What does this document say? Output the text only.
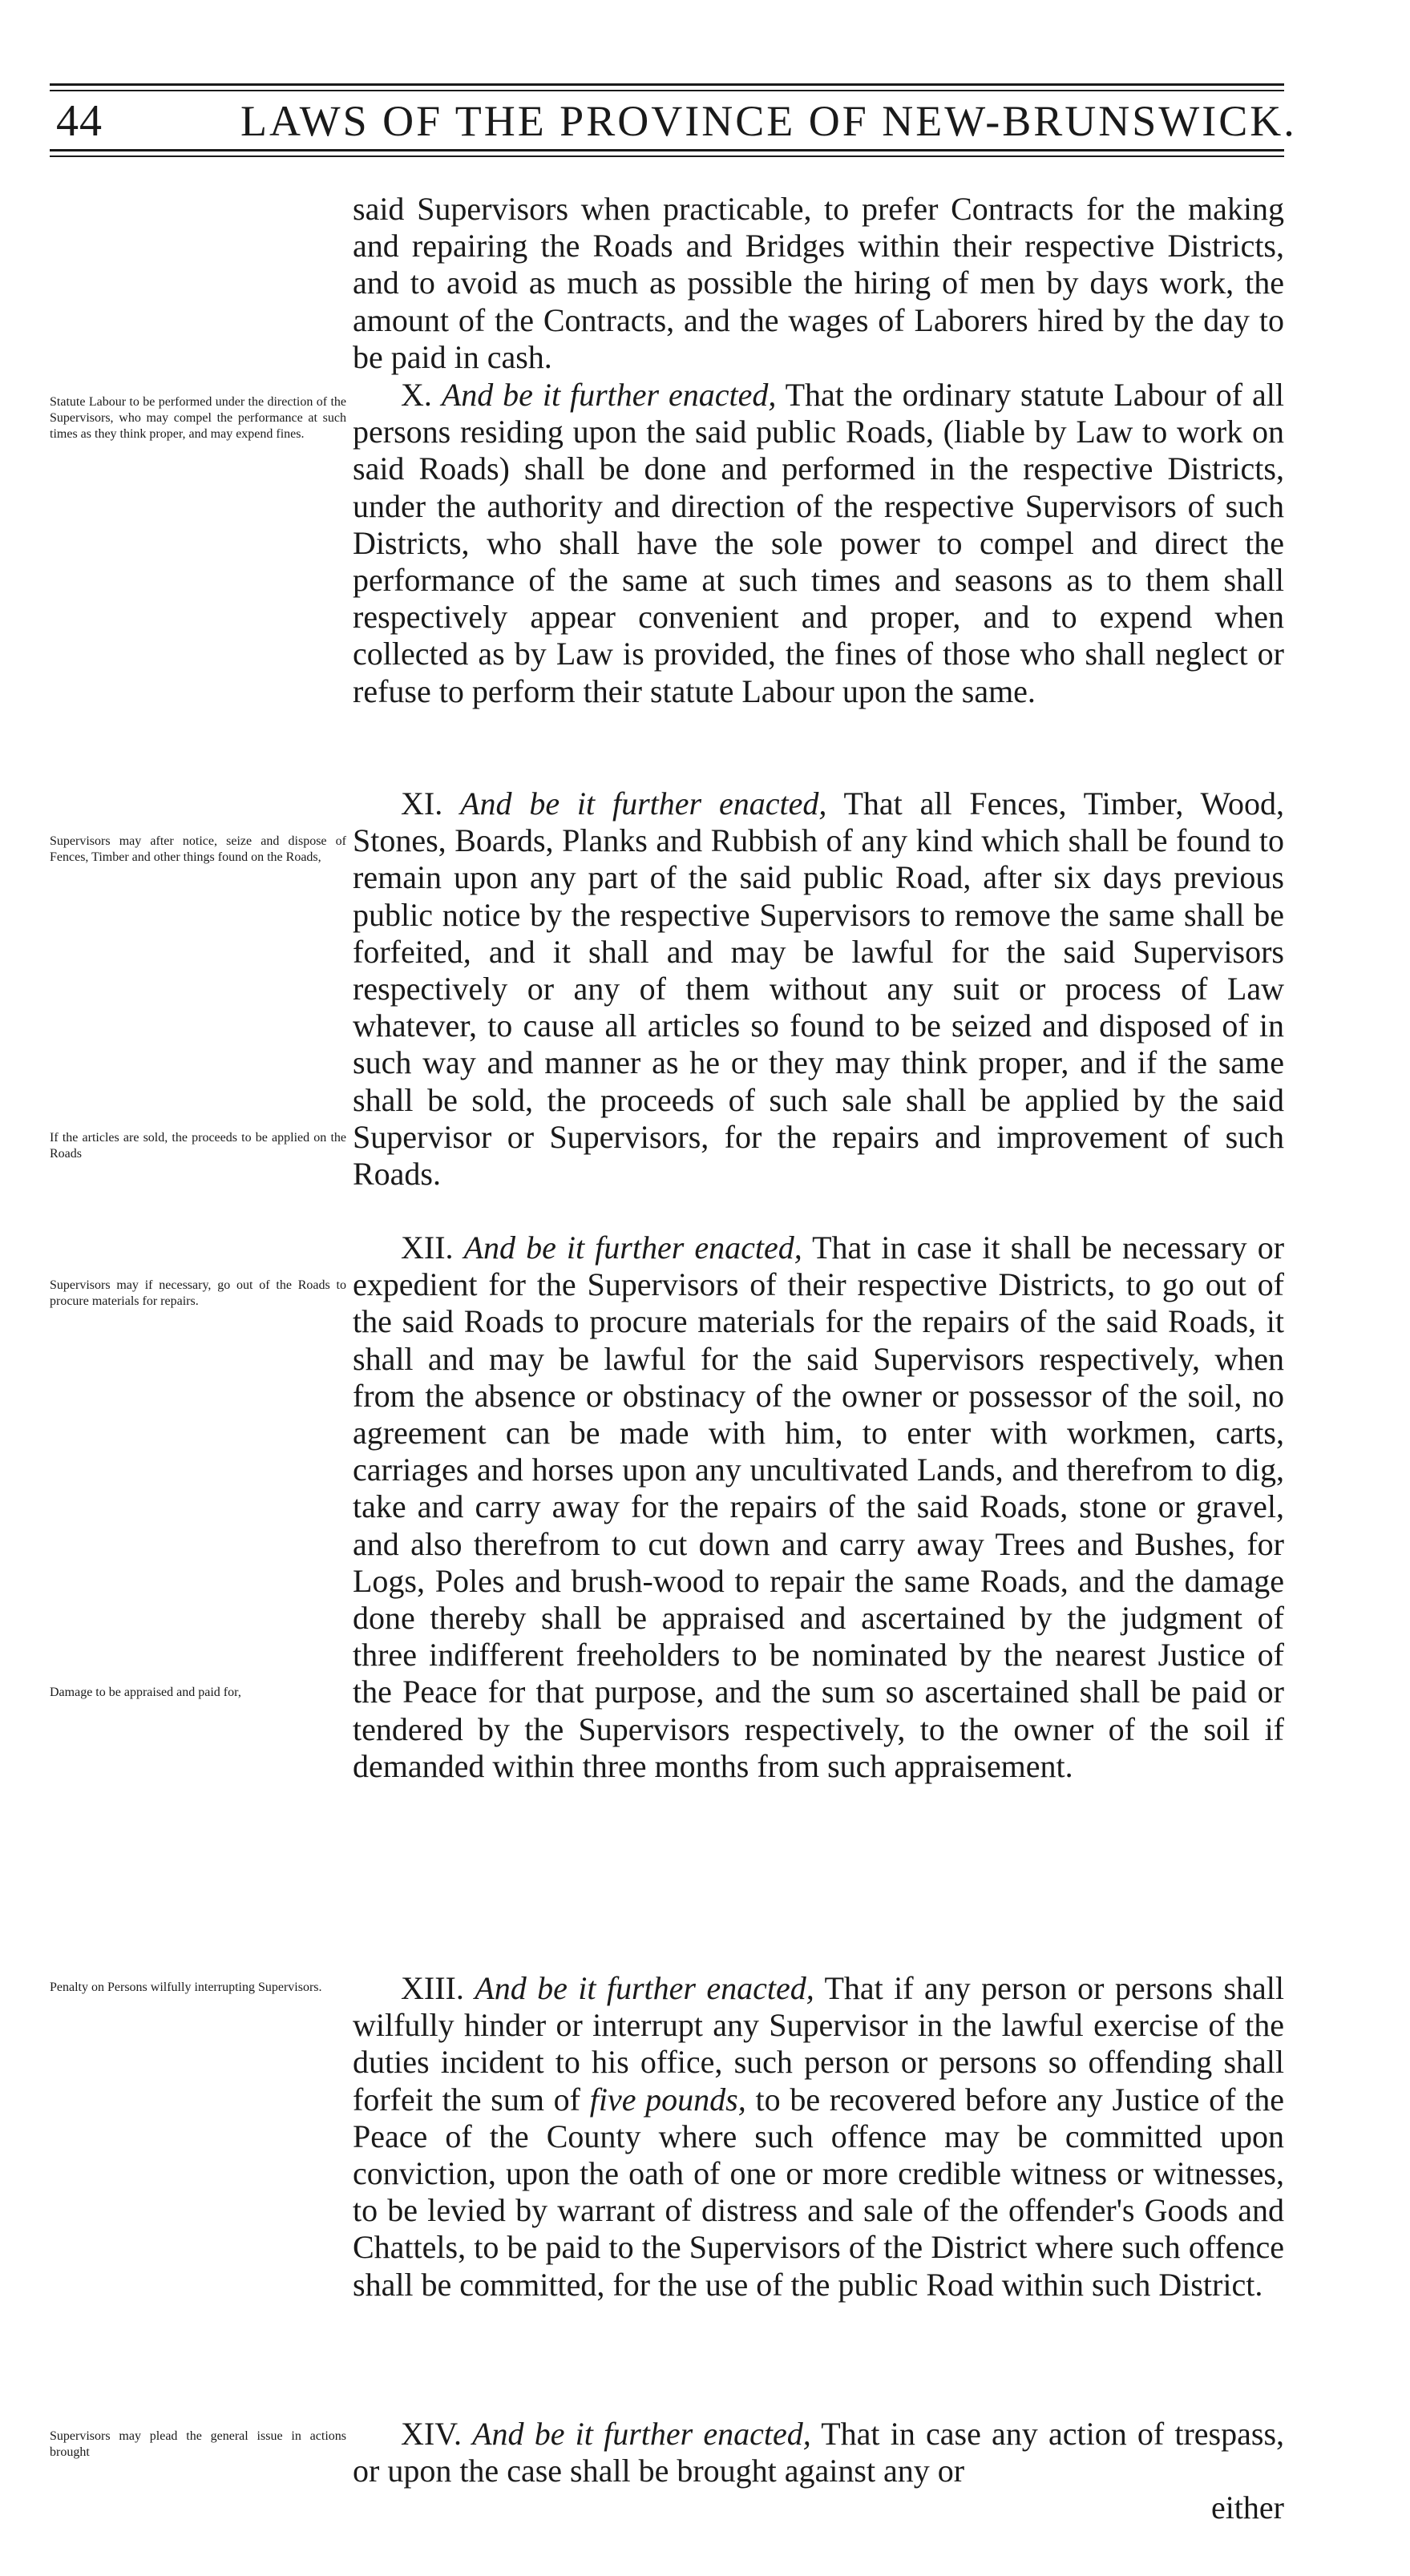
44	LAWS OF THE PROVINCE OF NEW-BRUNSWICK.

said Supervisors when practicable, to prefer Contracts for the making and repairing the Roads and Bridges within their respective Districts, and to avoid as much as possible the hiring of men by days work, the amount of the Contracts, and the wages of Laborers hired by the day to be paid in cash.

X. And be it further enacted, That the ordinary statute Labour of all persons residing upon the said public Roads, (liable by Law to work on said Roads) shall be done and performed in the respective Districts, under the authority and direction of the respective Supervisors of such Districts, who shall have the sole power to compel and direct the performance of the same at such times and seasons as to them shall respectively appear convenient and proper, and to expend when collected as by Law is provided, the fines of those who shall neglect or refuse to perform their statute Labour upon the same.

XI. And be it further enacted, That all Fences, Timber, Wood, Stones, Boards, Planks and Rubbish of any kind which shall be found to remain upon any part of the said public Road, after six days previous public notice by the respective Supervisors to remove the same shall be forfeited, and it shall and may be lawful for the said Supervisors respectively or any of them without any suit or process of Law whatever, to cause all articles so found to be seized and disposed of in such way and manner as he or they may think proper, and if the same shall be sold, the proceeds of such sale shall be applied by the said Supervisor or Supervisors, for the repairs and improvement of such Roads.

XII. And be it further enacted, That in case it shall be necessary or expedient for the Supervisors of their respective Districts, to go out of the said Roads to procure materials for the repairs of the said Roads, it shall and may be lawful for the said Supervisors respectively, when from the absence or obstinacy of the owner or possessor of the soil, no agreement can be made with him, to enter with workmen, carts, carriages and horses upon any uncultivated Lands, and therefrom to dig, take and carry away for the repairs of the said Roads, stone or gravel, and also therefrom to cut down and carry away Trees and Bushes, for Logs, Poles and brush-wood to repair the same Roads, and the damage done thereby shall be appraised and ascertained by the judgment of three indifferent freeholders to be nominated by the nearest Justice of the Peace for that purpose, and the sum so ascertained shall be paid or tendered by the Supervisors respectively, to the owner of the soil if demanded within three months from such appraisement.

XIII. And be it further enacted, That if any person or persons shall wilfully hinder or interrupt any Supervisor in the lawful exercise of the duties incident to his office, such person or persons so offending shall forfeit the sum of five pounds, to be recovered before any Justice of the Peace of the County where such offence may be committed upon conviction, upon the oath of one or more credible witness or witnesses, to be levied by warrant of distress and sale of the offender's Goods and Chattels, to be paid to the Supervisors of the District where such offence shall be committed, for the use of the public Road within such District.

XIV. And be it further enacted, That in case any action of trespass, or upon the case shall be brought against any or

either
Statute Labour to be performed under the direction of the Supervisors, who may compel the performance at such times as they think proper, and may expend fines.
Supervisors may after notice, seize and dispose of Fences, Timber and other things found on the Roads,
If the articles are sold, the proceeds to be applied on the Roads
Supervisors may if necessary, go out of the Roads to procure materials for repairs.
Damage to be appraised and paid for,
Penalty on Persons wilfully interrupting Supervisors.
Supervisors may plead the general issue in actions brought
